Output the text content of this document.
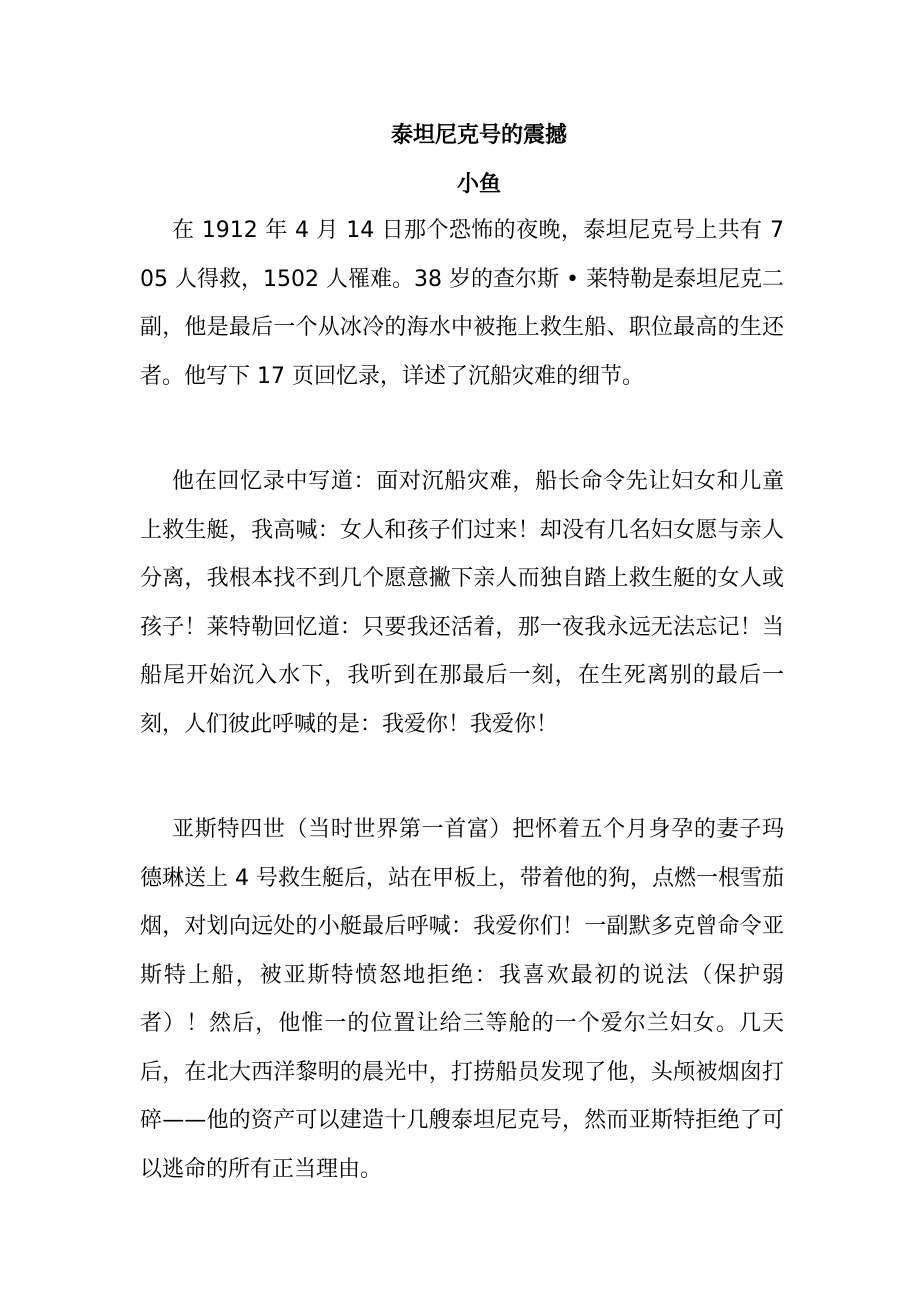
泰坦尼克号的震撼
小鱼

在 1912 年 4 月 14 日那个恐怖的夜晚，泰坦尼克号上共有 705 人得救，1502 人罹难。38 岁的查尔斯 • 莱特勒是泰坦尼克二副，他是最后一个从冰冷的海水中被拖上救生船、职位最高的生还者。他写下 17 页回忆录，详述了沉船灾难的细节。

他在回忆录中写道：面对沉船灾难，船长命令先让妇女和儿童上救生艇，我高喊：女人和孩子们过来！却没有几名妇女愿与亲人分离，我根本找不到几个愿意撇下亲人而独自踏上救生艇的女人或孩子！莱特勒回忆道：只要我还活着，那一夜我永远无法忘记！当船尾开始沉入水下，我听到在那最后一刻，在生死离别的最后一刻，人们彼此呼喊的是：我爱你！我爱你！

亚斯特四世（当时世界第一首富）把怀着五个月身孕的妻子玛德琳送上 4 号救生艇后，站在甲板上，带着他的狗，点燃一根雪茄烟，对划向远处的小艇最后呼喊：我爱你们！一副默多克曾命令亚斯特上船，被亚斯特愤怒地拒绝：我喜欢最初的说法（保护弱者）！然后，他惟一的位置让给三等舱的一个爱尔兰妇女。几天后，在北大西洋黎明的晨光中，打捞船员发现了他，头颅被烟囱打碎——他的资产可以建造十几艘泰坦尼克号，然而亚斯特拒绝了可以逃命的所有正当理由。
